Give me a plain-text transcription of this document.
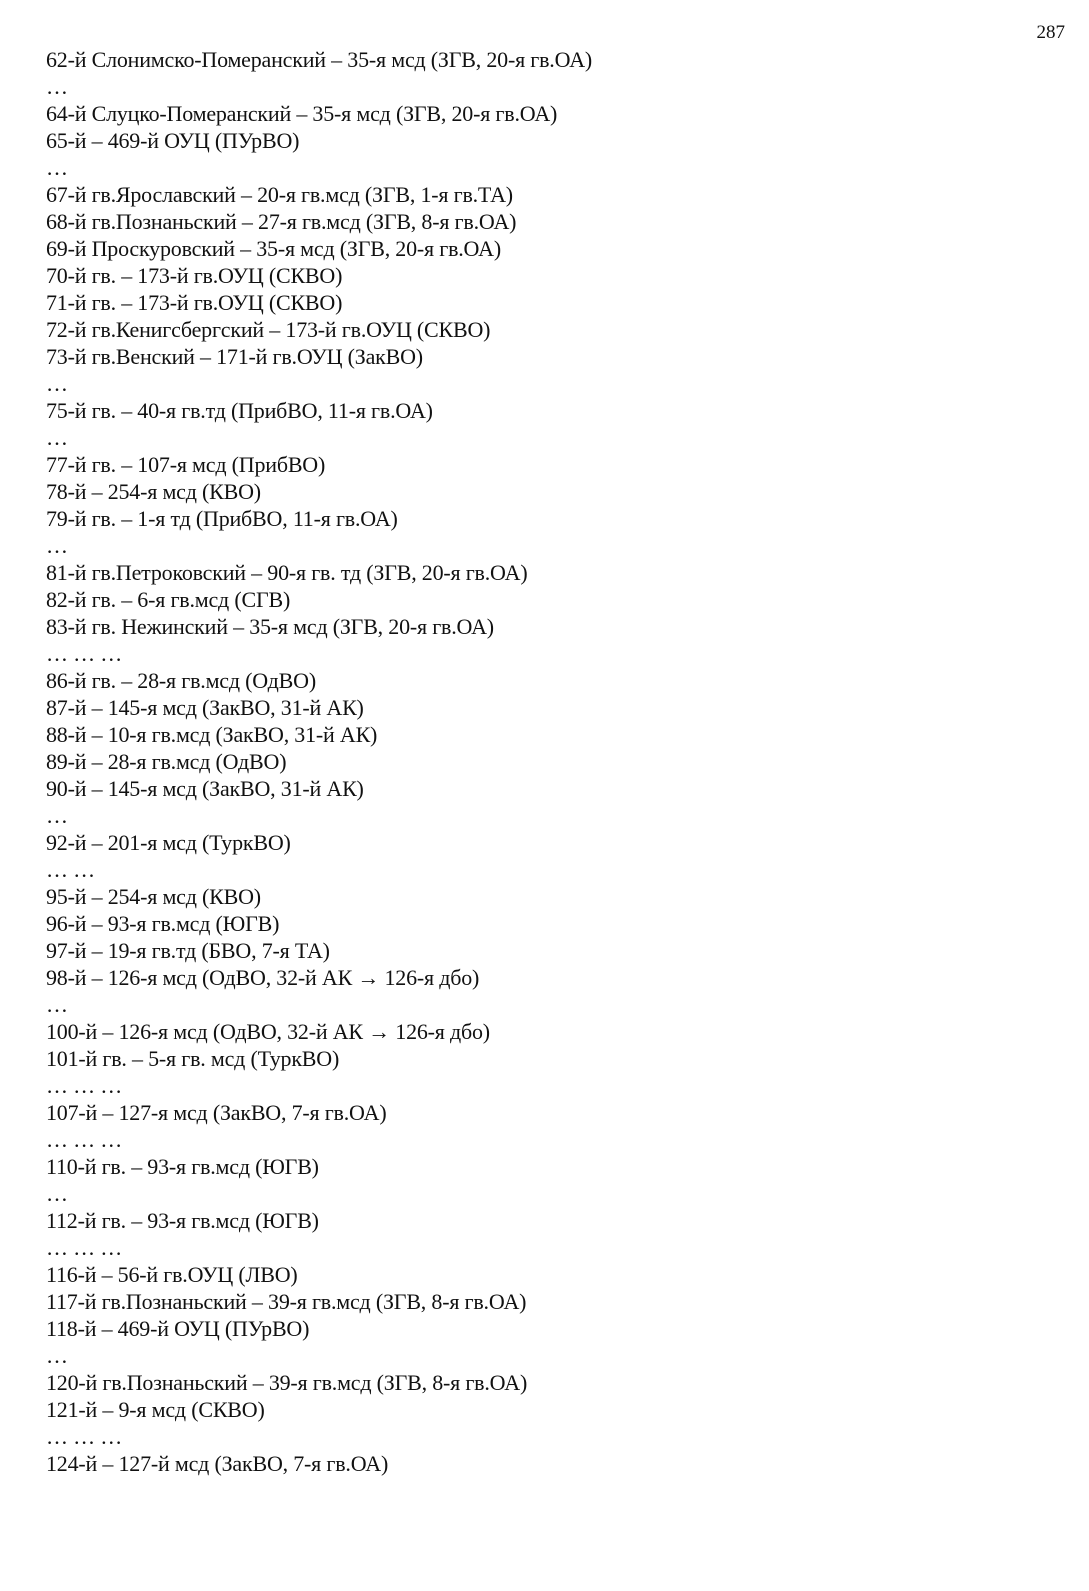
287
62-й Слонимско-Померанский – 35-я мсд (ЗГВ, 20-я гв.ОА)
…
64-й Слуцко-Померанский – 35-я мсд (ЗГВ, 20-я гв.ОА)
65-й – 469-й ОУЦ (ПУрВО)
…
67-й гв.Ярославский – 20-я гв.мсд (ЗГВ, 1-я гв.ТА)
68-й гв.Познаньский – 27-я гв.мсд (ЗГВ, 8-я гв.ОА)
69-й Проскуровский – 35-я мсд (ЗГВ, 20-я гв.ОА)
70-й гв. – 173-й гв.ОУЦ (СКВО)
71-й гв. – 173-й гв.ОУЦ (СКВО)
72-й гв.Кенигсбергский – 173-й гв.ОУЦ (СКВО)
73-й гв.Венский – 171-й гв.ОУЦ (ЗакВО)
…
75-й гв. – 40-я гв.тд (ПрибВО, 11-я гв.ОА)
…
77-й гв. – 107-я мсд (ПрибВО)
78-й – 254-я мсд (КВО)
79-й гв. – 1-я тд (ПрибВО, 11-я гв.ОА)
…
81-й гв.Петроковский – 90-я гв. тд (ЗГВ, 20-я гв.ОА)
82-й гв. – 6-я гв.мсд (СГВ)
83-й гв. Нежинский – 35-я мсд (ЗГВ, 20-я гв.ОА)
… … …
86-й гв. – 28-я гв.мсд (ОдВО)
87-й – 145-я мсд (ЗакВО, 31-й АК)
88-й – 10-я гв.мсд (ЗакВО, 31-й АК)
89-й – 28-я гв.мсд (ОдВО)
90-й – 145-я мсд (ЗакВО, 31-й АК)
…
92-й – 201-я мсд (ТуркВО)
… …
95-й – 254-я мсд (КВО)
96-й – 93-я гв.мсд (ЮГВ)
97-й – 19-я гв.тд (БВО, 7-я ТА)
98-й – 126-я мсд (ОдВО, 32-й АК → 126-я дбо)
…
100-й – 126-я мсд (ОдВО, 32-й АК → 126-я дбо)
101-й гв. – 5-я гв. мсд (ТуркВО)
… … …
107-й – 127-я мсд (ЗакВО, 7-я гв.ОА)
… … …
110-й гв. – 93-я гв.мсд (ЮГВ)
…
112-й гв. – 93-я гв.мсд (ЮГВ)
… … …
116-й – 56-й гв.ОУЦ (ЛВО)
117-й гв.Познаньский – 39-я гв.мсд (ЗГВ, 8-я гв.ОА)
118-й – 469-й ОУЦ (ПУрВО)
…
120-й гв.Познаньский – 39-я гв.мсд (ЗГВ, 8-я гв.ОА)
121-й – 9-я мсд (СКВО)
… … …
124-й – 127-й мсд (ЗакВО, 7-я гв.ОА)
